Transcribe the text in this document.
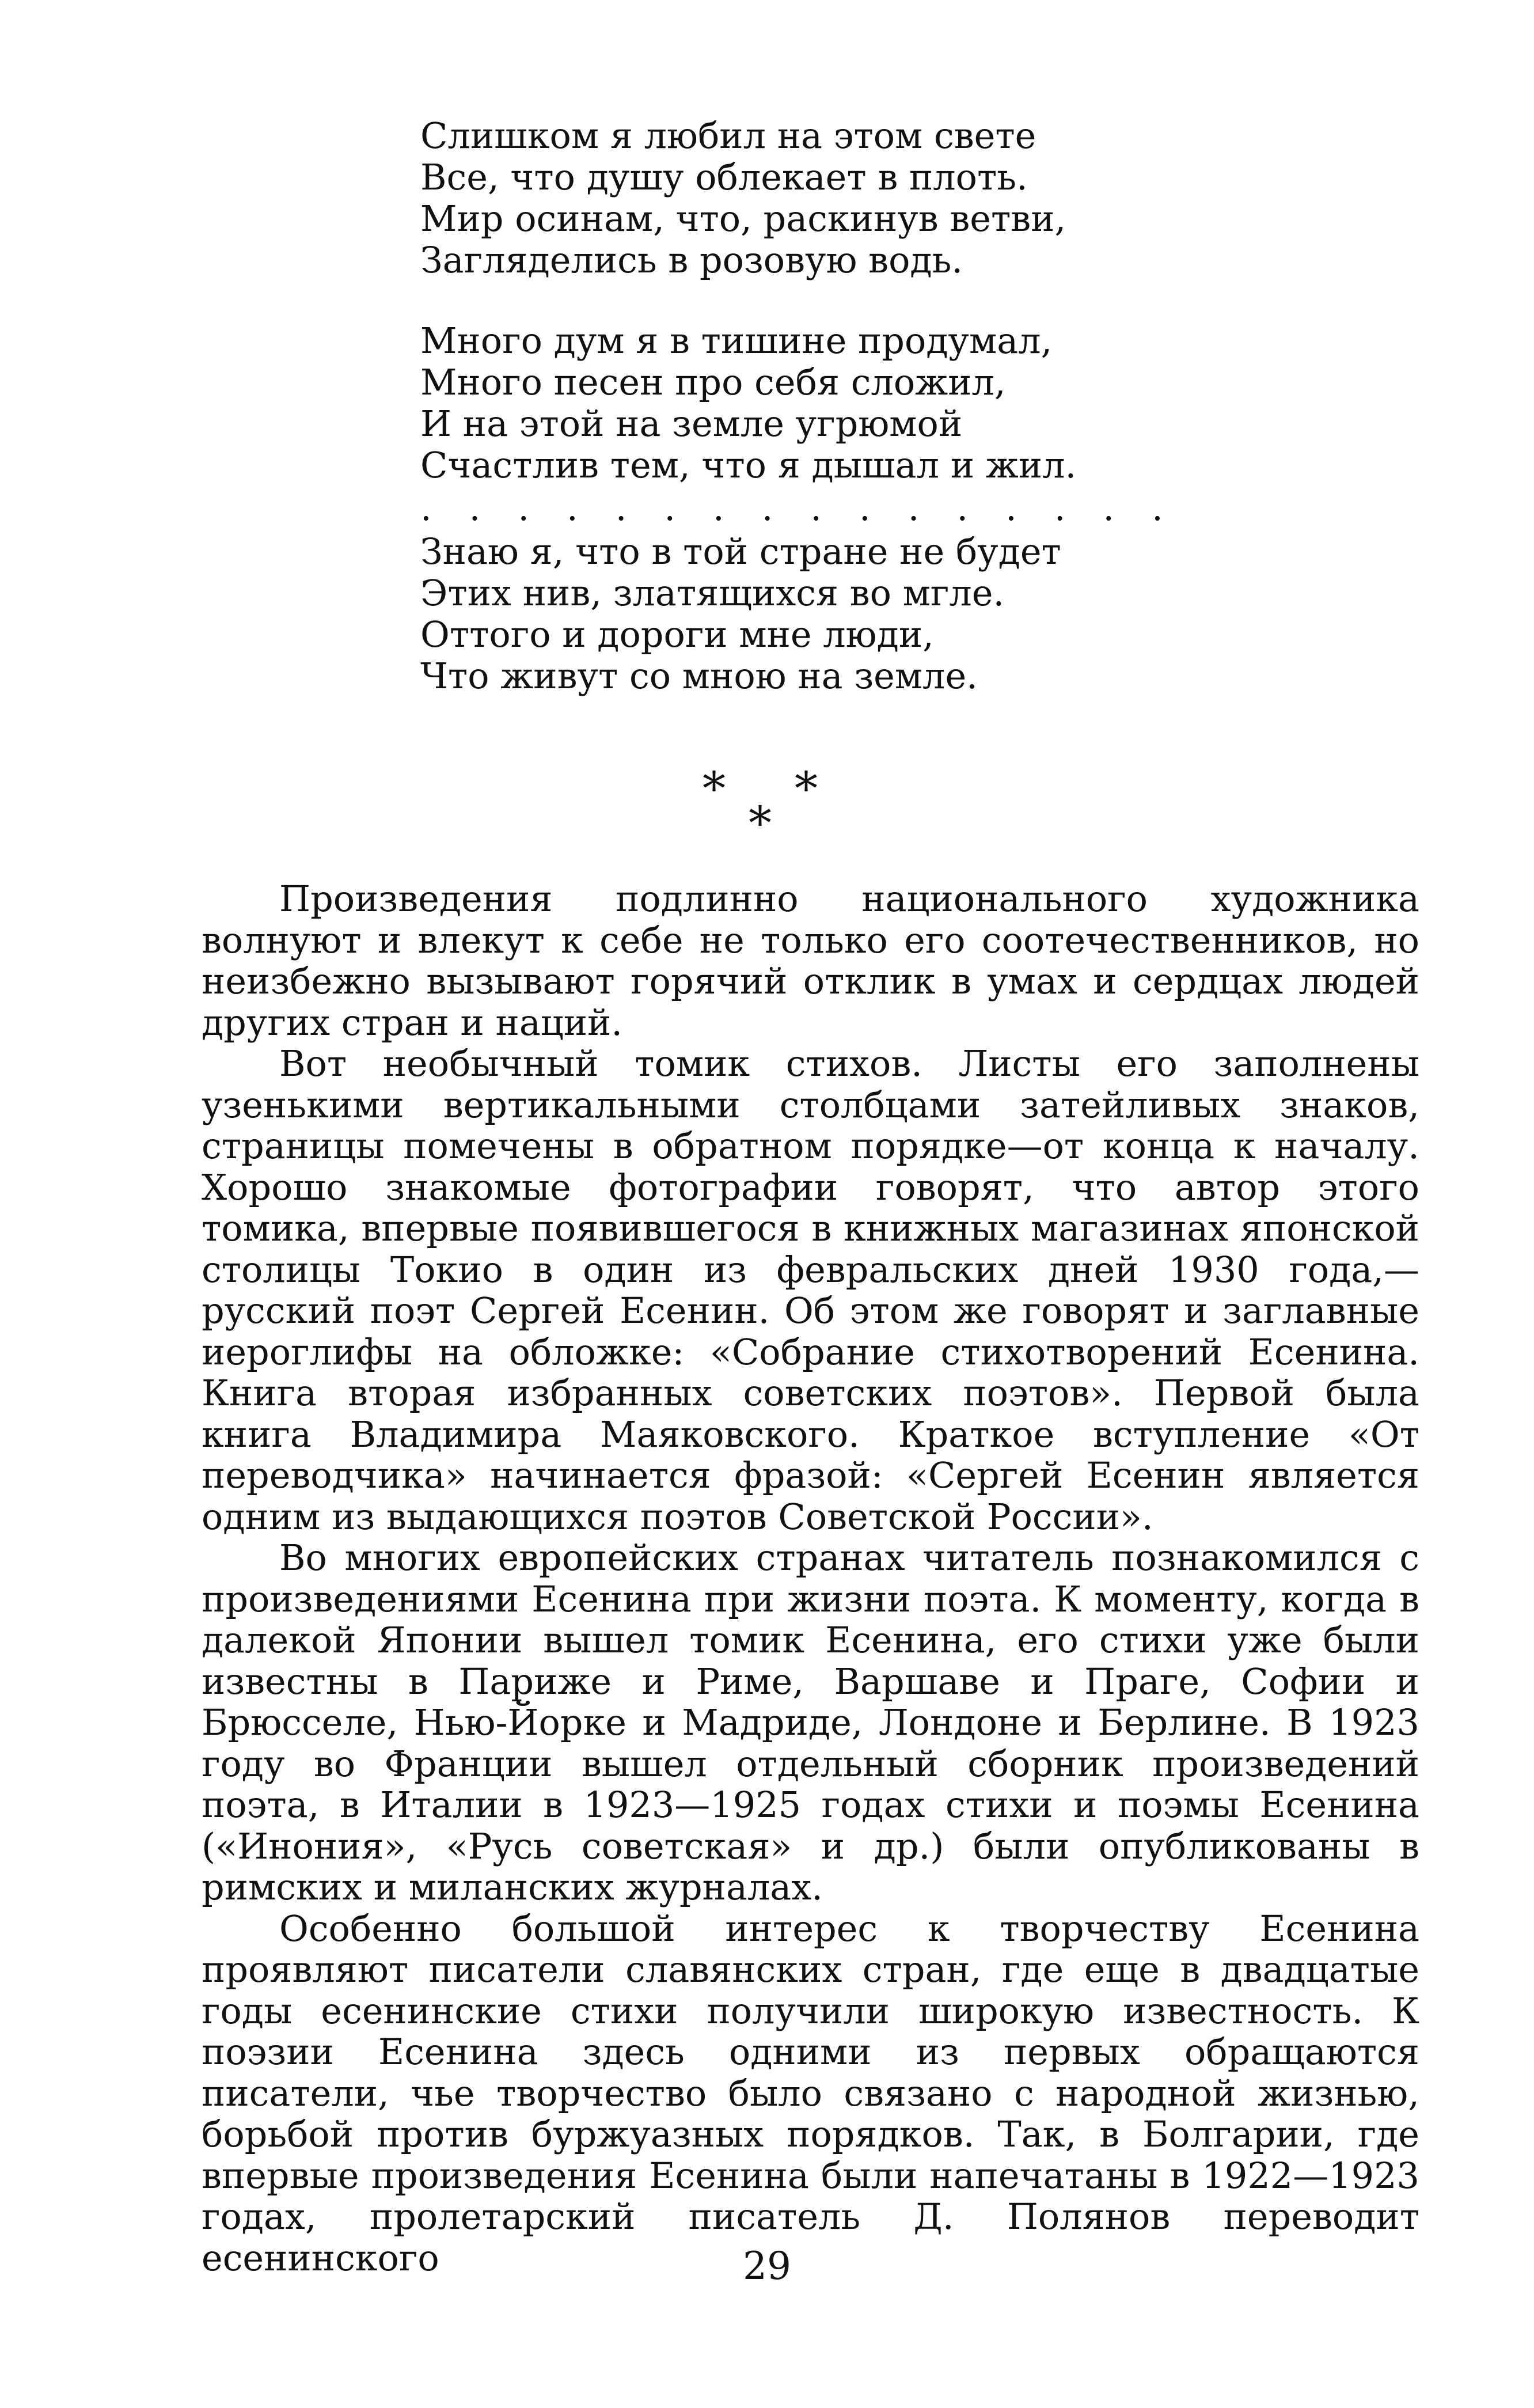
Слишком я любил на этом свете
Все, что душу облекает в плоть.
Мир осинам, что, раскинув ветви,
Загляделись в розовую водь.
Много дум я в тишине продумал,
Много песен про себя сложил,
И на этой на земле угрюмой
Счастлив тем, что я дышал и жил.
. . . . . . . . . . . . . . . .
Знаю я, что в той стране не будет
Этих нив, златящихся во мгле.
Оттого и дороги мне люди,
Что живут со мною на земле.
* *
*

Произведения подлинно национального художника волнуют и влекут к себе не только его соотечественников, но неизбежно вызывают горячий отклик в умах и сердцах людей других стран и наций.

Вот необычный томик стихов. Листы его заполнены узенькими вертикальными столбцами затейливых знаков, страницы помечены в обратном порядке—от конца к началу. Хорошо знакомые фотографии говорят, что автор этого томика, впервые появившегося в книжных магазинах японской столицы Токио в один из февральских дней 1930 года,— русский поэт Сергей Есенин. Об этом же говорят и заглавные иероглифы на обложке: «Собрание стихотворений Есенина. Книга вторая избранных советских поэтов». Первой была книга Владимира Маяковского. Краткое вступление «От переводчика» начинается фразой: «Сергей Есенин является одним из выдающихся поэтов Советской России».

Во многих европейских странах читатель познакомился с произведениями Есенина при жизни поэта. К моменту, когда в далекой Японии вышел томик Есенина, его стихи уже были известны в Париже и Риме, Варшаве и Праге, Софии и Брюсселе, Нью-Йорке и Мадриде, Лондоне и Берлине. В 1923 году во Франции вышел отдельный сборник произведений поэта, в Италии в 1923—1925 годах стихи и поэмы Есенина («Инония», «Русь советская» и др.) были опубликованы в римских и миланских журналах.

Особенно большой интерес к творчеству Есенина проявляют писатели славянских стран, где еще в двадцатые годы есенинские стихи получили широкую известность. К поэзии Есенина здесь одними из первых обращаются писатели, чье творчество было связано с народной жизнью, борьбой против буржуазных порядков. Так, в Болгарии, где впервые произведения Есенина были напечатаны в 1922—1923 годах, пролетарский писатель Д. Полянов переводит есенинского	29
